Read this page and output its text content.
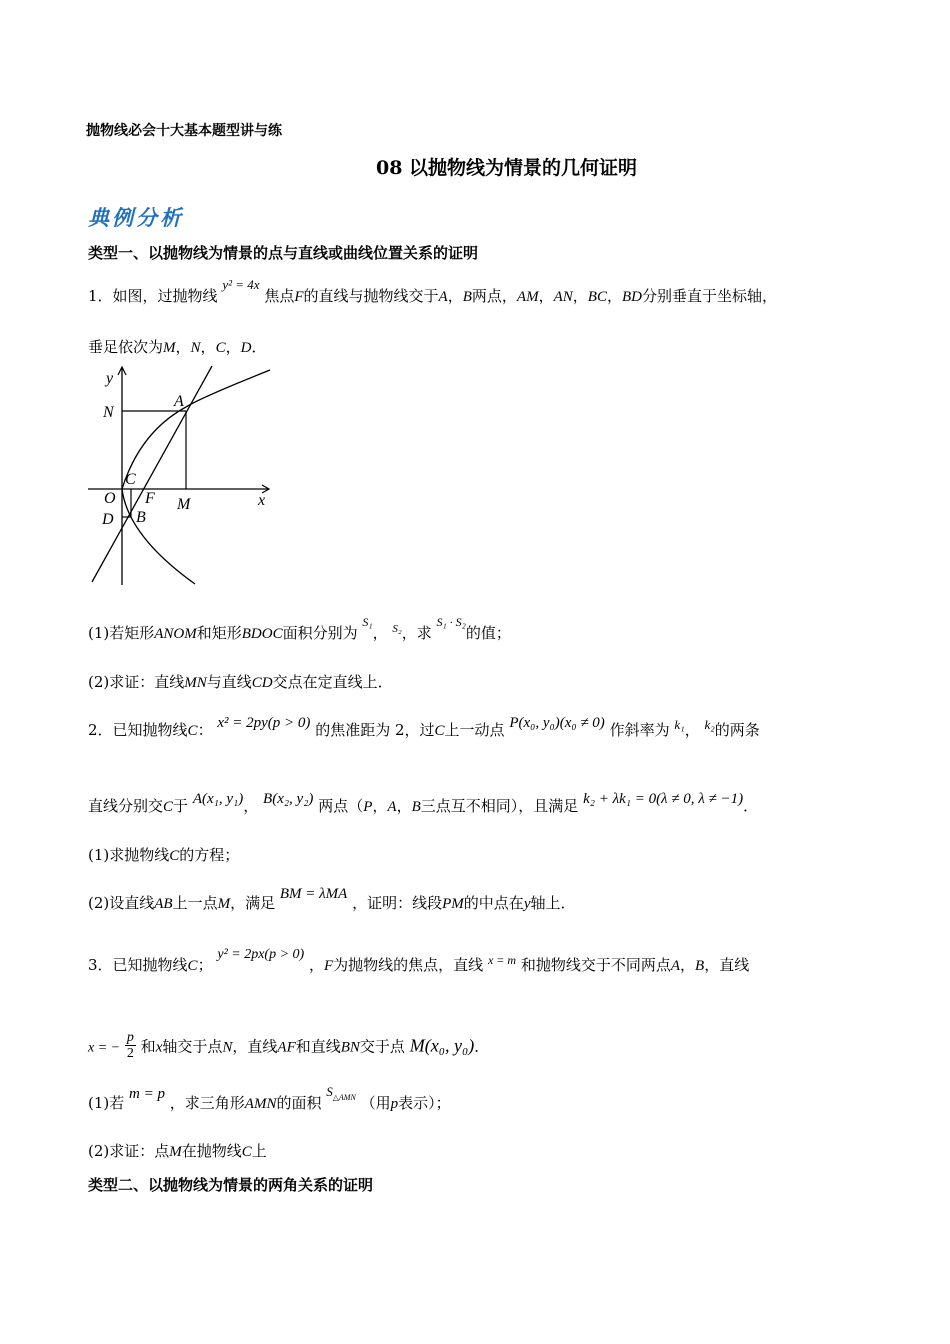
抛物线必会十大基本题型讲与练
08 以抛物线为情景的几何证明
典例分析
类型一、以抛物线为情景的点与直线或曲线位置关系的证明
1．如图，过抛物线 y² = 4x 焦点F的直线与抛物线交于A，B两点，AM，AN，BC，BD分别垂直于坐标轴，
垂足依次为M，N，C，D．
y
N
A
C
O F M	x
D B
(1)若矩形ANOM和矩形BDOC面积分别为 $^{S_1}$， $^{S_2}$，求 $^{S_1 \cdot S_2}$的值；
(2)求证：直线MN与直线CD交点在定直线上．
2．已知抛物线C： x² = 2py(p > 0) 的焦准距为 2，过C上一动点 P(x₀, y₀)(x₀ ≠ 0) 作斜率为 k₁， k₂的两条
直线分别交C于 A(x₁, y₁)， B(x₂, y₂) 两点（P，A，B三点互不相同），且满足 k₂ + λk₁ = 0(λ ≠ 0, λ ≠ −1)．
(1)求抛物线C的方程；
(2)设直线AB上一点M，满足 BM = λMA ，证明：线段PM的中点在y轴上．
3．已知抛物线C； y² = 2px(p > 0) ，F为抛物线的焦点，直线 $^{x = m}$ 和抛物线交于不同两点A，B，直线
x = − $\frac{p}{2}$ 和x轴交于点N，直线AF和直线BN交于点 M(x₀, y₀)．
(1)若 m = p ，求三角形AMN的面积 $S_{\triangle AMN}$ （用p表示）；
(2)求证：点M在抛物线C上
类型二、以抛物线为情景的两角关系的证明
